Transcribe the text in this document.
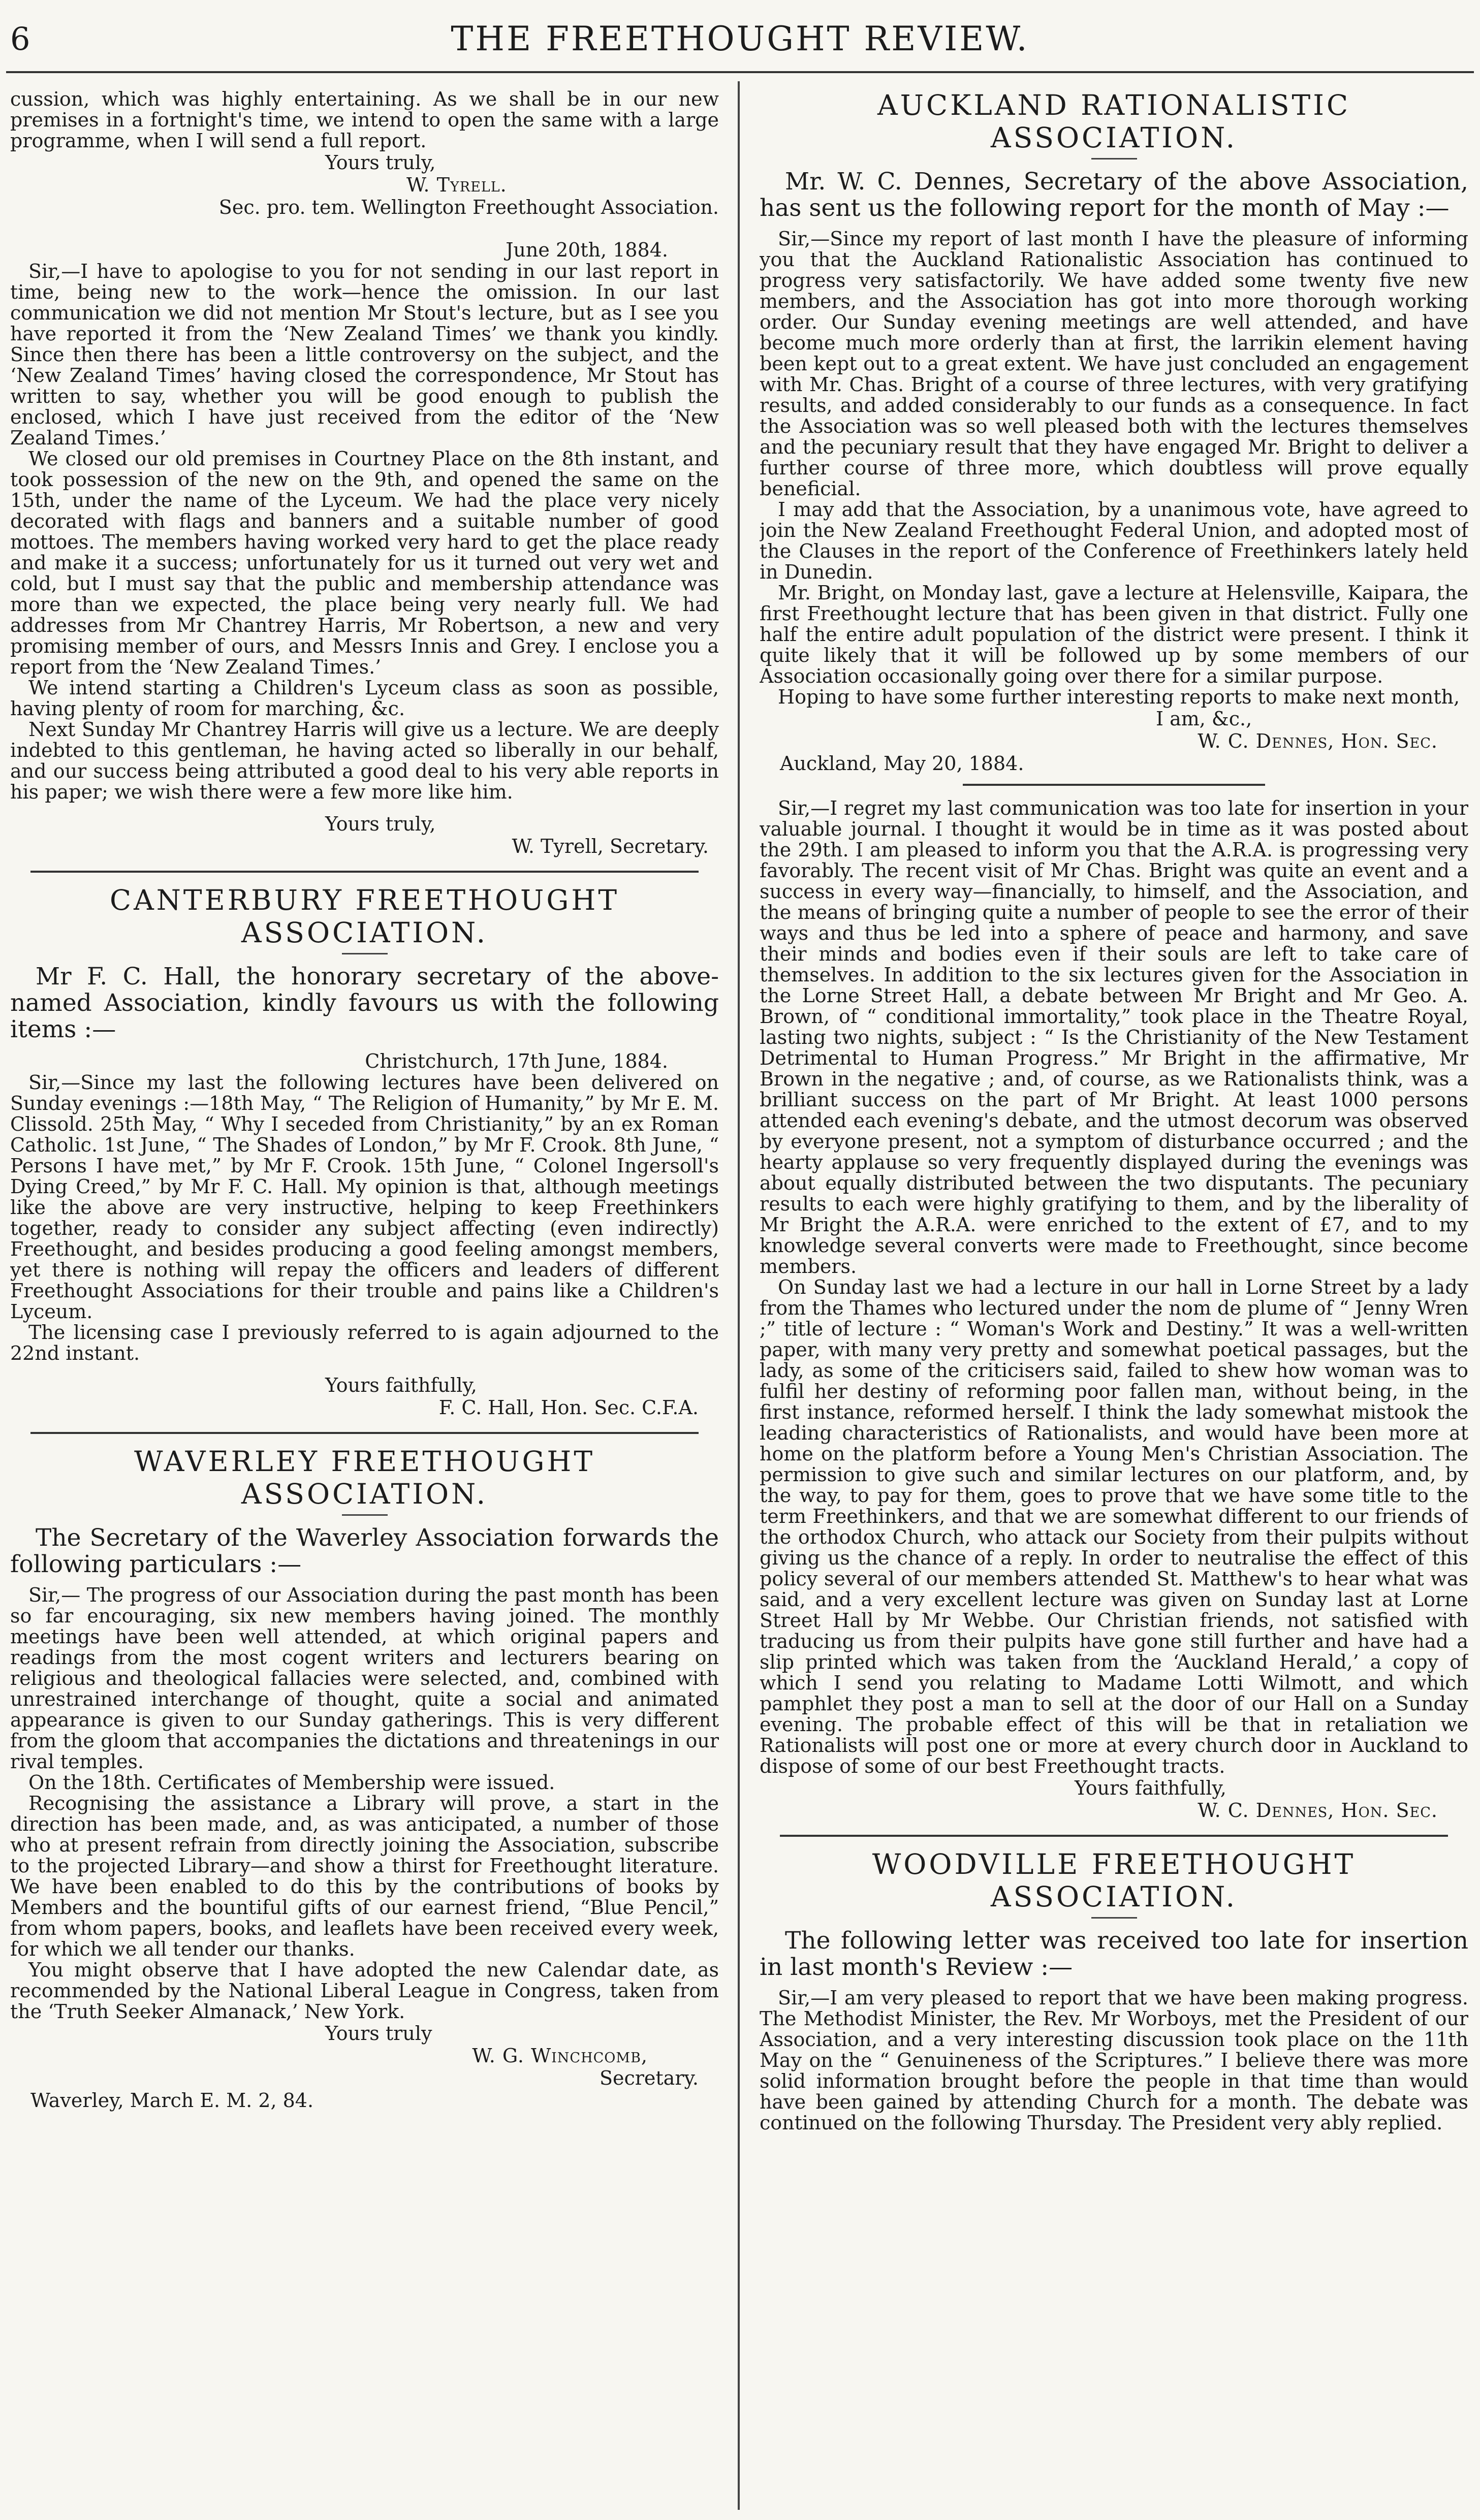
6	THE FREETHOUGHT REVIEW.

cussion, which was highly entertaining. As we shall be in our new premises in a fortnight's time, we intend to open the same with a large programme, when I will send a full report.

Yours truly,

W. Tyrell.

Sec. pro. tem. Wellington Freethought Association.

June 20th, 1884.

Sir,—I have to apologise to you for not sending in our last report in time, being new to the work—hence the omission. In our last communication we did not mention Mr Stout's lecture, but as I see you have reported it from the ‘New Zealand Times’ we thank you kindly. Since then there has been a little controversy on the subject, and the ‘New Zealand Times’ having closed the correspondence, Mr Stout has written to say, whether you will be good enough to publish the enclosed, which I have just received from the editor of the ‘New Zealand Times.’

We closed our old premises in Courtney Place on the 8th instant, and took possession of the new on the 9th, and opened the same on the 15th, under the name of the Lyceum. We had the place very nicely decorated with flags and banners and a suitable number of good mottoes. The members having worked very hard to get the place ready and make it a success; unfortunately for us it turned out very wet and cold, but I must say that the public and membership attendance was more than we expected, the place being very nearly full. We had addresses from Mr Chantrey Harris, Mr Robertson, a new and very promising member of ours, and Messrs Innis and Grey. I enclose you a report from the ‘New Zealand Times.’

We intend starting a Children's Lyceum class as soon as possible, having plenty of room for marching, &c.

Next Sunday Mr Chantrey Harris will give us a lecture. We are deeply indebted to this gentleman, he having acted so liberally in our behalf, and our success being attributed a good deal to his very able reports in his paper; we wish there were a few more like him.

Yours truly,

W. Tyrell, Secretary.

CANTERBURY FREETHOUGHT ASSOCIATION.

Mr F. C. Hall, the honorary secretary of the above-named Association, kindly favours us with the following items :—

Christchurch, 17th June, 1884.

Sir,—Since my last the following lectures have been delivered on Sunday evenings :—18th May, “ The Religion of Humanity,” by Mr E. M. Clissold. 25th May, “ Why I seceded from Christianity,” by an ex Roman Catholic. 1st June, “ The Shades of London,” by Mr F. Crook. 8th June, “ Persons I have met,” by Mr F. Crook. 15th June, “ Colonel Ingersoll's Dying Creed,” by Mr F. C. Hall. My opinion is that, although meetings like the above are very instructive, helping to keep Freethinkers together, ready to consider any subject affecting (even indirectly) Freethought, and besides producing a good feeling amongst members, yet there is nothing will repay the officers and leaders of different Freethought Associations for their trouble and pains like a Children's Lyceum.

The licensing case I previously referred to is again adjourned to the 22nd instant.

Yours faithfully,

F. C. Hall, Hon. Sec. C.F.A.

WAVERLEY FREETHOUGHT ASSOCIATION.

The Secretary of the Waverley Association forwards the following particulars :—

Sir,— The progress of our Association during the past month has been so far encouraging, six new members having joined. The monthly meetings have been well attended, at which original papers and readings from the most cogent writers and lecturers bearing on religious and theological fallacies were selected, and, combined with unrestrained interchange of thought, quite a social and animated appearance is given to our Sunday gatherings. This is very different from the gloom that accompanies the dictations and threatenings in our rival temples.

On the 18th. Certificates of Membership were issued.

Recognising the assistance a Library will prove, a start in the direction has been made, and, as was anticipated, a number of those who at present refrain from directly joining the Association, subscribe to the projected Library—and show a thirst for Freethought literature. We have been enabled to do this by the contributions of books by Members and the bountiful gifts of our earnest friend, “Blue Pencil,” from whom papers, books, and leaflets have been received every week, for which we all tender our thanks.

You might observe that I have adopted the new Calendar date, as recommended by the National Liberal League in Congress, taken from the ‘Truth Seeker Almanack,’ New York.

Yours truly

W. G. Winchcomb,

Secretary.

Waverley, March E. M. 2, 84.

AUCKLAND RATIONALISTIC ASSOCIATION.

Mr. W. C. Dennes, Secretary of the above Association, has sent us the following report for the month of May :—

Sir,—Since my report of last month I have the pleasure of informing you that the Auckland Rationalistic Association has continued to progress very satisfactorily. We have added some twenty five new members, and the Association has got into more thorough working order. Our Sunday evening meetings are well attended, and have become much more orderly than at first, the larrikin element having been kept out to a great extent. We have just concluded an engagement with Mr. Chas. Bright of a course of three lectures, with very gratifying results, and added considerably to our funds as a consequence. In fact the Association was so well pleased both with the lectures themselves and the pecuniary result that they have engaged Mr. Bright to deliver a further course of three more, which doubtless will prove equally beneficial.

I may add that the Association, by a unanimous vote, have agreed to join the New Zealand Freethought Federal Union, and adopted most of the Clauses in the report of the Conference of Freethinkers lately held in Dunedin.

Mr. Bright, on Monday last, gave a lecture at Helensville, Kaipara, the first Freethought lecture that has been given in that district. Fully one half the entire adult population of the district were present. I think it quite likely that it will be followed up by some members of our Association occasionally going over there for a similar purpose.

Hoping to have some further interesting reports to make next month,

I am, &c.,

W. C. Dennes, Hon. Sec.

Auckland, May 20, 1884.

Sir,—I regret my last communication was too late for insertion in your valuable journal. I thought it would be in time as it was posted about the 29th. I am pleased to inform you that the A.R.A. is progressing very favorably. The recent visit of Mr Chas. Bright was quite an event and a success in every way—financially, to himself, and the Association, and the means of bringing quite a number of people to see the error of their ways and thus be led into a sphere of peace and harmony, and save their minds and bodies even if their souls are left to take care of themselves. In addition to the six lectures given for the Association in the Lorne Street Hall, a debate between Mr Bright and Mr Geo. A. Brown, of “ conditional immortality,” took place in the Theatre Royal, lasting two nights, subject : “ Is the Christianity of the New Testament Detrimental to Human Progress.” Mr Bright in the affirmative, Mr Brown in the negative ; and, of course, as we Rationalists think, was a brilliant success on the part of Mr Bright. At least 1000 persons attended each evening's debate, and the utmost decorum was observed by everyone present, not a symptom of disturbance occurred ; and the hearty applause so very frequently displayed during the evenings was about equally distributed between the two disputants. The pecuniary results to each were highly gratifying to them, and by the liberality of Mr Bright the A.R.A. were enriched to the extent of £7, and to my knowledge several converts were made to Freethought, since become members.

On Sunday last we had a lecture in our hall in Lorne Street by a lady from the Thames who lectured under the nom de plume of “ Jenny Wren ;” title of lecture : “ Woman's Work and Destiny.” It was a well-written paper, with many very pretty and somewhat poetical passages, but the lady, as some of the criticisers said, failed to shew how woman was to fulfil her destiny of reforming poor fallen man, without being, in the first instance, reformed herself. I think the lady somewhat mistook the leading characteristics of Rationalists, and would have been more at home on the platform before a Young Men's Christian Association. The permission to give such and similar lectures on our platform, and, by the way, to pay for them, goes to prove that we have some title to the term Freethinkers, and that we are somewhat different to our friends of the orthodox Church, who attack our Society from their pulpits without giving us the chance of a reply. In order to neutralise the effect of this policy several of our members attended St. Matthew's to hear what was said, and a very excellent lecture was given on Sunday last at Lorne Street Hall by Mr Webbe. Our Christian friends, not satisfied with traducing us from their pulpits have gone still further and have had a slip printed which was taken from the ‘Auckland Herald,’ a copy of which I send you relating to Madame Lotti Wilmott, and which pamphlet they post a man to sell at the door of our Hall on a Sunday evening. The probable effect of this will be that in retaliation we Rationalists will post one or more at every church door in Auckland to dispose of some of our best Freethought tracts.

Yours faithfully,

W. C. Dennes, Hon. Sec.

WOODVILLE FREETHOUGHT ASSOCIATION.

The following letter was received too late for insertion in last month's Review :—

Sir,—I am very pleased to report that we have been making progress. The Methodist Minister, the Rev. Mr Worboys, met the President of our Association, and a very interesting discussion took place on the 11th May on the “ Genuineness of the Scriptures.” I believe there was more solid information brought before the people in that time than would have been gained by attending Church for a month. The debate was continued on the following Thursday. The President very ably replied.
